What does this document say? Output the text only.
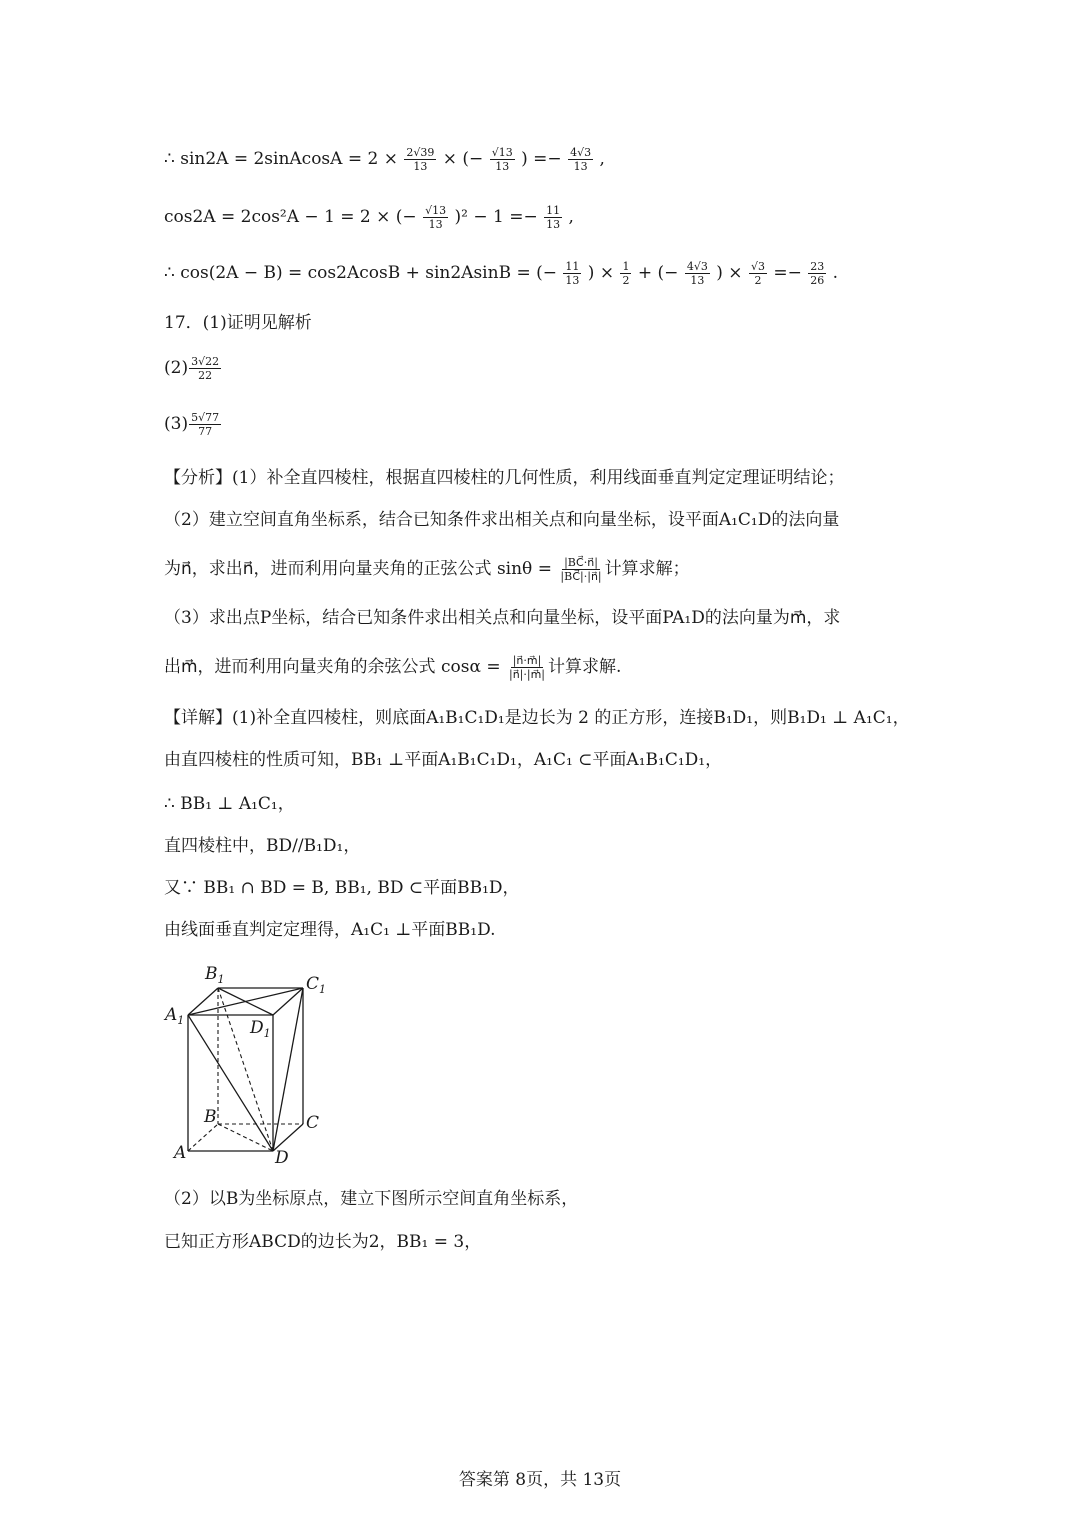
∴ sin2A = 2sinAcosA = $2 \times \frac{2√39}{13}$ × (− $\frac{√13}{13}$ ) =− $\frac{4√3}{13}$ ,
cos2A = 2cos²A − 1 = 2 × (− $\frac{√13}{13} )^2 - 1 =- \frac{11}{13}$ ,
∴ cos(2A − B) = cos2AcosB + sin2AsinB = (− $\frac{11}{13}$ ) × $\frac{1}{2}$ + (− $\frac{4√3}{13}$ ) × $\frac{√3}{2} =- \frac{23}{26}$ .
17．(1)证明见解析
$(2) \frac{3√22}{22}$
$(3) \frac{5√77}{77}$
【分析】(1）补全直四棱柱，根据直四棱柱的几何性质，利用线面垂直判定定理证明结论；
（2）建立空间直角坐标系，结合已知条件求出相关点和向量坐标，设平面A₁C₁D的法向量
为n⃗，求出n⃗，进而利用向量夹角的正弦公式 $\sin\theta = \frac{|BC⃗\cdot n⃗|}{|BC⃗|\cdot|n⃗|}$ 计算求解；
（3）求出点P坐标，结合已知条件求出相关点和向量坐标，设平面PA₁D的法向量为m⃗，求
出m⃗，进而利用向量夹角的余弦公式 $\cos\alpha = \frac{|n⃗\cdot m⃗|}{|n⃗|\cdot|m⃗|}$ 计算求解.
【详解】(1)补全直四棱柱，则底面A₁B₁C₁D₁是边长为 2 的正方形，连接B₁D₁，则B₁D₁ ⊥ A₁C₁，
由直四棱柱的性质可知，BB₁ ⊥平面A₁B₁C₁D₁，A₁C₁ ⊂平面A₁B₁C₁D₁，
∴ BB₁ ⊥ A₁C₁，
直四棱柱中，BD//B₁D₁，
又∵ BB₁ ∩ BD = B, BB₁, BD ⊂平面BB₁D，
由线面垂直判定定理得，A₁C₁ ⊥平面BB₁D.
$B_1$	$C_1$
$A_1$	$D_1$
B	C
A	D
（2）以B为坐标原点，建立下图所示空间直角坐标系，
已知正方形ABCD的边长为2，BB₁ = 3，
答案第 8页，共 13页
